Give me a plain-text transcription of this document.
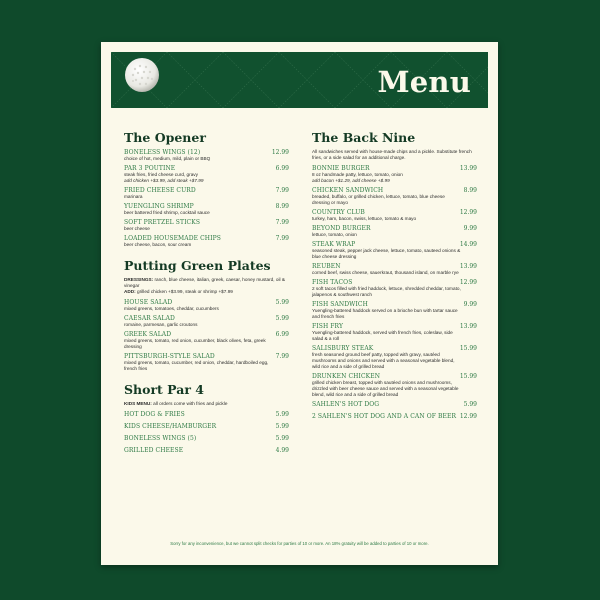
Menu
The Opener
BONELESS WINGS (12)	12.99
choice of hot, medium, mild, plain or BBQ
PAR 3 POUTINE	6.99
steak fries, fried cheese curd, gravy
add chicken +$3.99, add steak +$7.99
FRIED CHEESE CURD	7.99
marinara
YUENGLING SHRIMP	8.99
beer battered fried shrimp, cocktail sauce
SOFT PRETZEL STICKS	7.99
beer cheese
LOADED HOUSEMADE CHIPS	7.99
beer cheese, bacon, sour cream
Putting Green Plates
DRESSINGS: ranch, blue cheese, italian, greek, caesar, honey mustard, oil & vinegar
ADD: grilled chicken +$3.99, steak or shrimp +$7.99
HOUSE SALAD	5.99
mixed greens, tomatoes, cheddar, cucumbers
CAESAR SALAD	5.99
romaine, parmesan, garlic croutons
GREEK SALAD	6.99
mixed greens, tomato, red onion, cucumber, black olives, feta, greek dressing
PITTSBURGH-STYLE SALAD	7.99
mixed greens, tomato, cucumber, red onion, cheddar, hardboiled egg, french fries
Short Par 4
KIDS MENU: all orders come with fries and pickle
HOT DOG & FRIES	5.99
KIDS CHEESE/HAMBURGER	5.99
BONELESS WINGS (5)	5.99
GRILLED CHEESE	4.99
The Back Nine
All sandwiches served with house-made chips and a pickle. Substitute french fries, or a side salad for an additional charge.
BONNIE BURGER	13.99
8 oz handmade patty, lettuce, tomato, onion
add bacon +$1.29, add cheese +$.99
CHICKEN SANDWICH	8.99
breaded, buffalo, or grilled chicken, lettuce, tomato, blue cheese dressing or mayo
COUNTRY CLUB	12.99
turkey, ham, bacon, swiss, lettuce, tomato & mayo
BEYOND BURGER	9.99
lettuce, tomato, onion
STEAK WRAP	14.99
seasoned steak, pepper jack cheese, lettuce, tomato, sauteed onions & blue cheese dressing
REUBEN	13.99
corned beef, swiss cheese, sauerkraut, thousand island, on marble rye
FISH TACOS	12.99
2 soft tacos filled with fried haddock, lettuce, shredded cheddar, tomato, jalapenos & southwest ranch
FISH SANDWICH	9.99
Yuengling-battered haddock served on a brioche bun with tartar sauce and french fries
FISH FRY	13.99
Yuengling-battered haddock, served with french fries, coleslaw, side salad & a roll
SALISBURY STEAK	15.99
fresh seasoned ground beef patty, topped with gravy, sautéed mushrooms and onions and served with a seasonal vegetable blend, wild rice and a side of grilled bread
DRUNKEN CHICKEN	15.99
grilled chicken breast, topped with sautéed onions and mushrooms, drizzled with beer cheese sauce and served with a seasonal vegetable blend, wild rice and a side of grilled bread
SAHLEN'S HOT DOG	5.99
2 SAHLEN'S HOT DOG AND A CAN OF BEER 12.99
Sorry for any inconvenience, but we cannot split checks for parties of 10 or more. An 18% gratuity will be added to parties of 10 or more.
